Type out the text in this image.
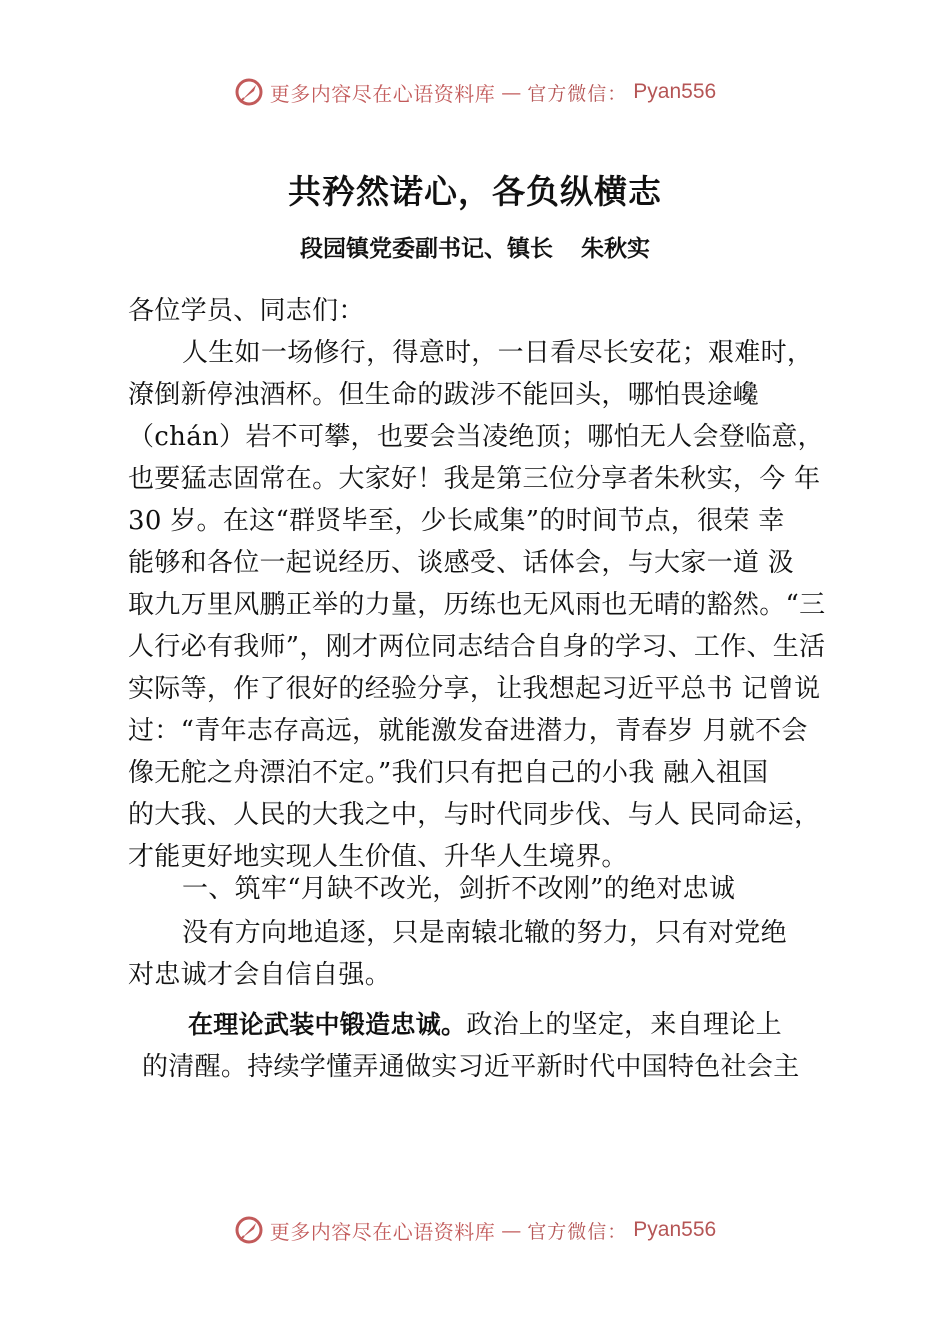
更多内容尽在心语资料库 — 官方微信： Pyan556
共矜然诺心，各负纵横志
段园镇党委副书记、镇长 朱秋实

各位学员、同志们：

人生如一场修行，得意时，一日看尽长安花；艰难时，
潦倒新停浊酒杯。但生命的跋涉不能回头，哪怕畏途巉
（chán）岩不可攀，也要会当凌绝顶；哪怕无人会登临意，
也要猛志固常在。大家好！我是第三位分享者朱秋实，今 年
30 岁。在这“群贤毕至，少长咸集”的时间节点，很荣 幸
能够和各位一起说经历、谈感受、话体会，与大家一道 汲
取九万里风鹏正举的力量，历练也无风雨也无晴的豁然。“三
人行必有我师”，刚才两位同志结合自身的学习、工作、生活
实际等，作了很好的经验分享，让我想起习近平总书 记曾说
过：“青年志存高远，就能激发奋进潜力，青春岁 月就不会
像无舵之舟漂泊不定。”我们只有把自己的小我 融入祖国
的大我、人民的大我之中，与时代同步伐、与人 民同命运，
才能更好地实现人生价值、升华人生境界。

一、筑牢“月缺不改光，剑折不改刚”的绝对忠诚

没有方向地追逐，只是南辕北辙的努力，只有对党绝

对忠诚才会自信自强。

在理论武装中锻造忠诚。政治上的坚定，来自理论上

的清醒。持续学懂弄通做实习近平新时代中国特色社会主

更多内容尽在心语资料库 — 官方微信： Pyan556
